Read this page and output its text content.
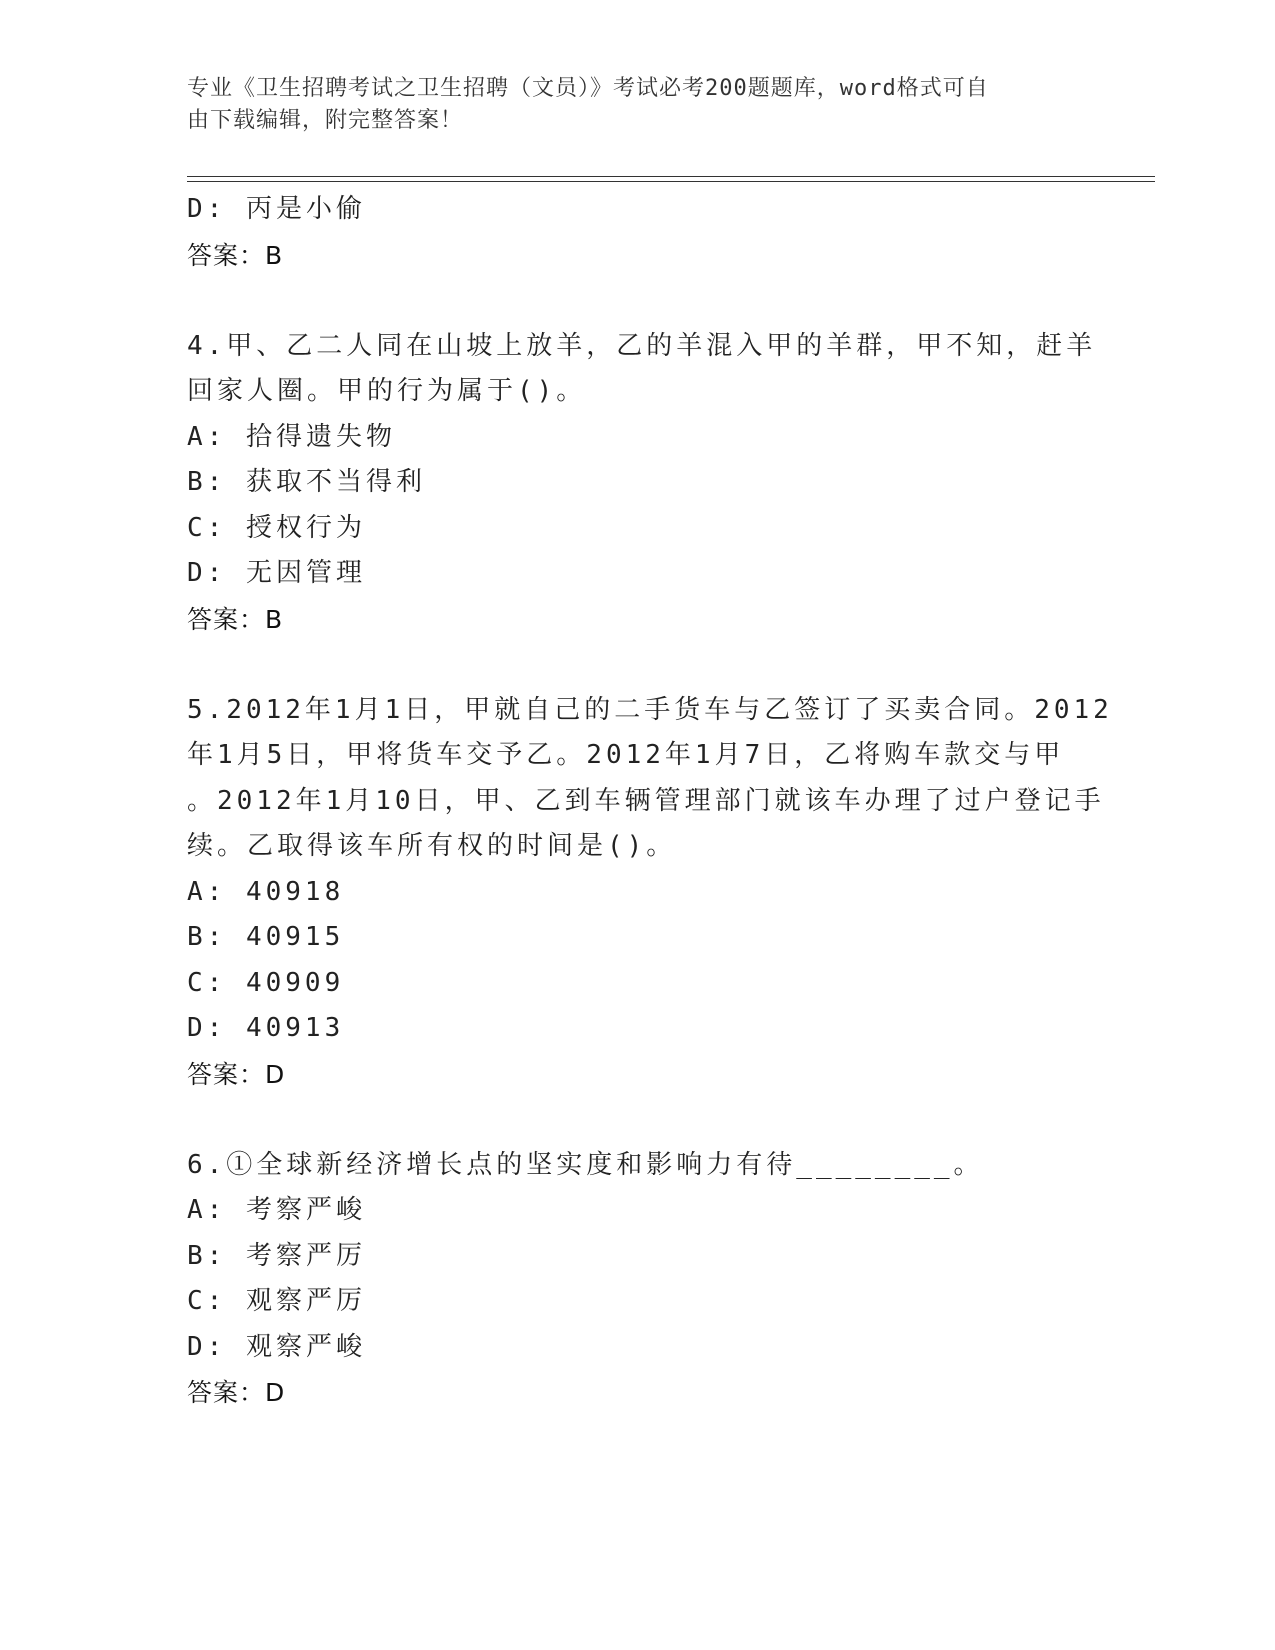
专业《卫生招聘考试之卫生招聘（文员）》考试必考200题题库，word格式可自
由下载编辑，附完整答案！
D: 丙是小偷
答案：B
4.甲、乙二人同在山坡上放羊，乙的羊混入甲的羊群，甲不知，赶羊
回家人圈。甲的行为属于()。
A: 拾得遗失物
B: 获取不当得利
C: 授权行为
D: 无因管理
答案：B
5.2012年1月1日，甲就自己的二手货车与乙签订了买卖合同。2012
年1月5日，甲将货车交予乙。2012年1月7日，乙将购车款交与甲
。2012年1月10日，甲、乙到车辆管理部门就该车办理了过户登记手
续。乙取得该车所有权的时间是()。
A: 40918
B: 40915
C: 40909
D: 40913
答案：D
6.①全球新经济增长点的坚实度和影响力有待________。
A: 考察严峻
B: 考察严厉
C: 观察严厉
D: 观察严峻
答案：D
